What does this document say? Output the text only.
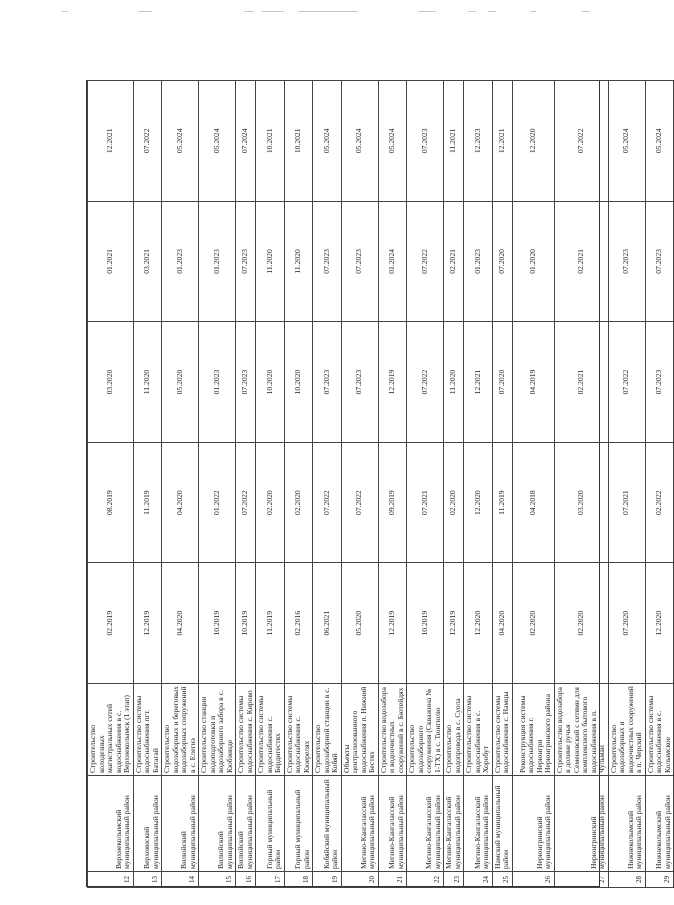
12	Верхнеколымский муниципальный район	Строительство колодезных магистральных сетей водоснабжения в с. Верхнеколымск (1 этап)	02.2019	08.2019	03.2020	01.2021	12.2021

13	Верхоянский муниципальный район	Строительство системы водоснабжения пгт. Батагай	12.2019	11.2019	11.2020	03.2021	07.2022

14	Вилюйский муниципальный район	Строительство водозаборных и береговых водозаборных сооружений в с. Елегиэ	04.2020	04.2020	05.2020	01.2023	05.2024

15	Вилюйский муниципальный район	Строительство станции водоподготовки и водозаборного забора в с. Кюбэинде	10.2019	01.2022	01.2023	01.2023	05.2024

16	Вилюйский муниципальный район	Строительство системы водоснабжения с. Кирово	10.2019	07.2022	07.2023	07.2023	07.2024

17	Горный муниципальный район	Строительство системы водоснабжения с. Бердигестях	11.2019	02.2020	10.2020	11.2020	10.2021

18	Горный муниципальный район	Строительство системы водоснабжения с. Кюерелях	02.2016	02.2020	10.2020	11.2020	10.2021

19	Кобяйский муниципальный район	Строительство водозаборной станции в с. Кобяй	06.2021	07.2022	07.2023	07.2023	05.2024

20	Мегино-Кангаласский муниципальный район	Объекты централизованного водоснабжения п. Нижний Бестях	05.2020	07.2022	07.2023	07.2023	05.2024

21	Мегино-Кангаласский муниципальный район	Строительство водозабора и водоочистных сооружений в с. Бютейдях	12.2019	09.2019	12.2019	01.2024	05.2024

22	Мегино-Кангаласский муниципальный район	Строительство водозаборного сооружения (Скважина № 1-ТХ) в с. Тюнгюлю	10.2019	07.2021	07.2022	07.2022	07.2023

23	Мегино-Кангаласский муниципальный район	Строительство водопровода в с. Суола	12.2019	02.2020	11.2020	02.2021	11.2021

24	Мегино-Кангаласский муниципальный район	Строительство системы водоснабжения в с. Хоробут	12.2020	12.2020	12.2021	01.2023	12.2023

25	Намский муниципальный район	Строительство системы водоснабжения с. Намцы	04.2020	11.2019	07.2020	07.2020	12.2021

26	Нерюнгринский муниципальный район	Реконструкция системы водоснабжения г. Нерюнгри Нерюнгринского района	02.2020	04.2018	04.2019	01.2020	12.2020

27	Нерюнгринский муниципальный район	Строительство водозабора в долине ручья Семеновский с сетями для комплексного бытового водоснабжения в п. Чульман	02.2020	03.2020	02.2021	02.2021	07.2022

28	Нижнеколымский муниципальный район	Строительство водозаборных и водоочистных сооружений в п. Черский	07.2020	07.2021	07.2022	07.2023	05.2024

29	Нижнеколымский муниципальный район	Строительство системы водоснабжения в с. Колымское	12.2020	02.2022	07.2023	07.2023	05.2024
